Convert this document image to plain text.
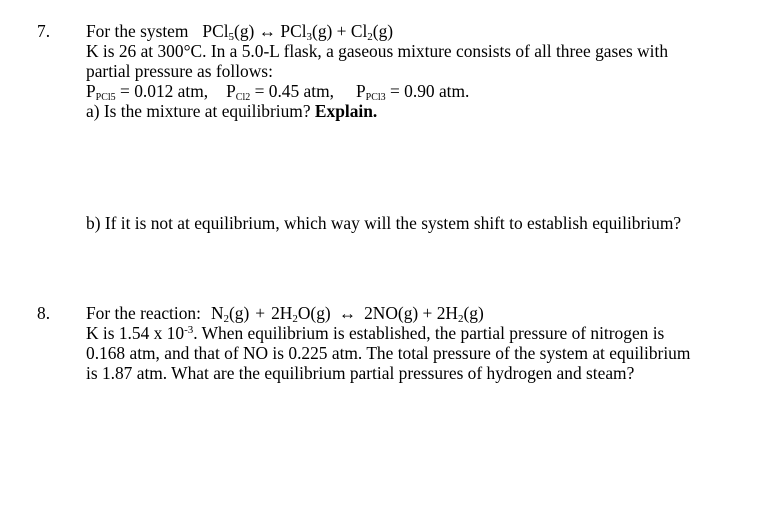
7. For the system PCl$_5$(g) ↔ $PCl_3(g) + Cl_2(g)$
K is 26 at 300°C. In a 5.0-L flask, a gaseous mixture consists of all three gases with
partial pressure as follows:
$P_{PCl5} = 0.012$ atm, $P_{Cl2} = 0.45$ atm, $P_{PCl3} = 0.90$ atm.
a) Is the mixture at equilibrium? Explain.
b) If it is not at equilibrium, which way will the system shift to establish equilibrium?
8. For the reaction: $N_2(g) + 2H_2O(g)$ ↔ $2NO(g) + 2H_2(g)$
K is 1.54 x $10^{-3}$. When equilibrium is established, the partial pressure of nitrogen is
0.168 atm, and that of NO is 0.225 atm. The total pressure of the system at equilibrium
is 1.87 atm. What are the equilibrium partial pressures of hydrogen and steam?
